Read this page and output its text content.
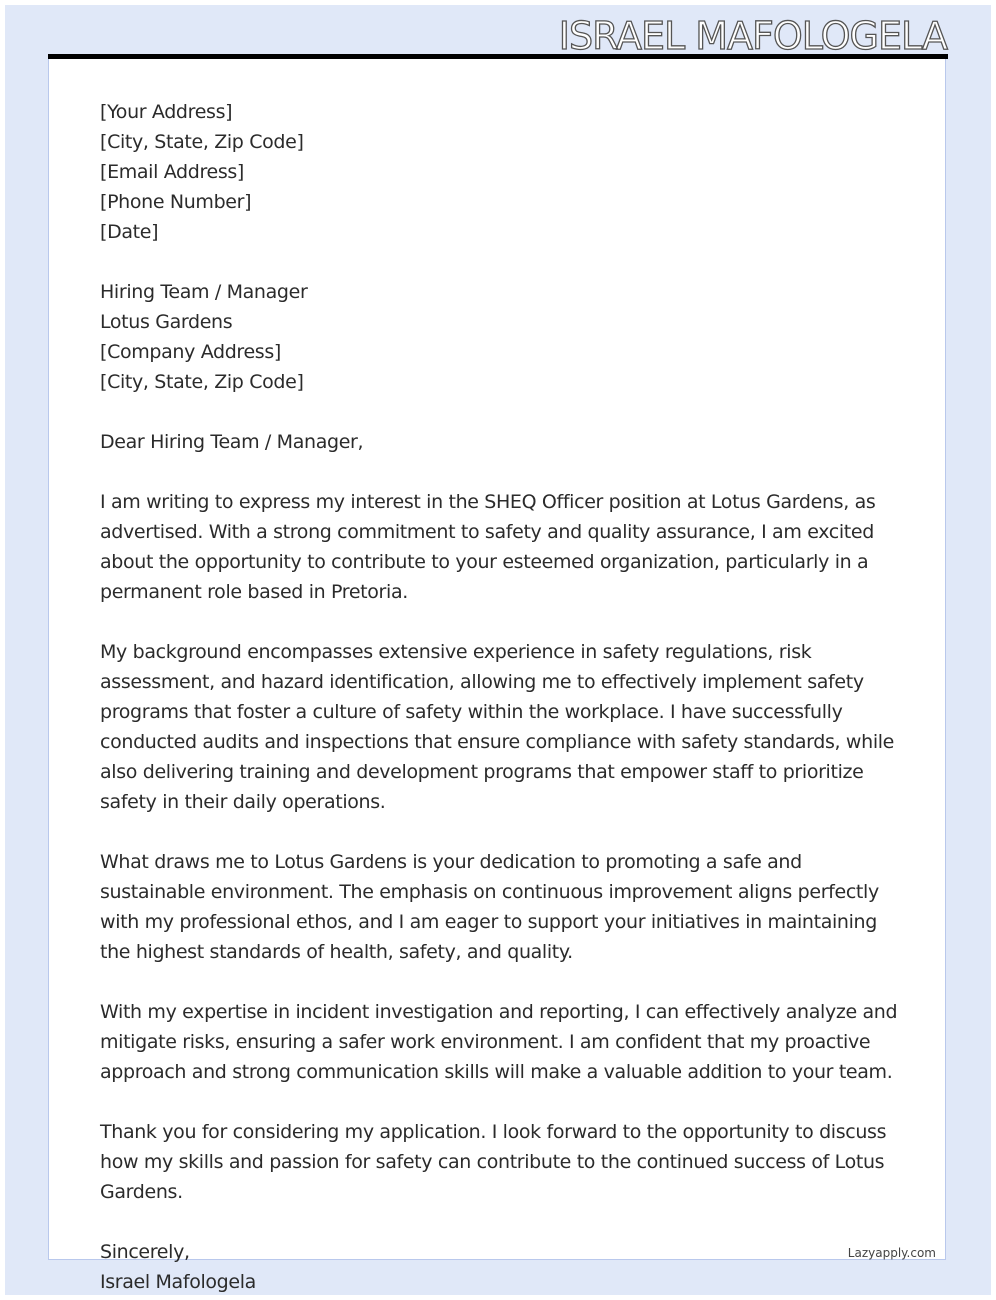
ISRAEL MAFOLOGELA
[Your Address]
[City, State, Zip Code]
[Email Address]
[Phone Number]
[Date]
Hiring Team / Manager
Lotus Gardens
[Company Address]
[City, State, Zip Code]
Dear Hiring Team / Manager,

I am writing to express my interest in the SHEQ Officer position at Lotus Gardens, as advertised. With a strong commitment to safety and quality assurance, I am excited about the opportunity to contribute to your esteemed organization, particularly in a permanent role based in Pretoria.

My background encompasses extensive experience in safety regulations, risk assessment, and hazard identification, allowing me to effectively implement safety programs that foster a culture of safety within the workplace. I have successfully conducted audits and inspections that ensure compliance with safety standards, while also delivering training and development programs that empower staff to prioritize safety in their daily operations.

What draws me to Lotus Gardens is your dedication to promoting a safe and sustainable environment. The emphasis on continuous improvement aligns perfectly with my professional ethos, and I am eager to support your initiatives in maintaining the highest standards of health, safety, and quality.

With my expertise in incident investigation and reporting, I can effectively analyze and mitigate risks, ensuring a safer work environment. I am confident that my proactive approach and strong communication skills will make a valuable addition to your team.

Thank you for considering my application. I look forward to the opportunity to discuss how my skills and passion for safety can contribute to the continued success of Lotus Gardens.

Sincerely,
Israel Mafologela
Lazyapply.com
